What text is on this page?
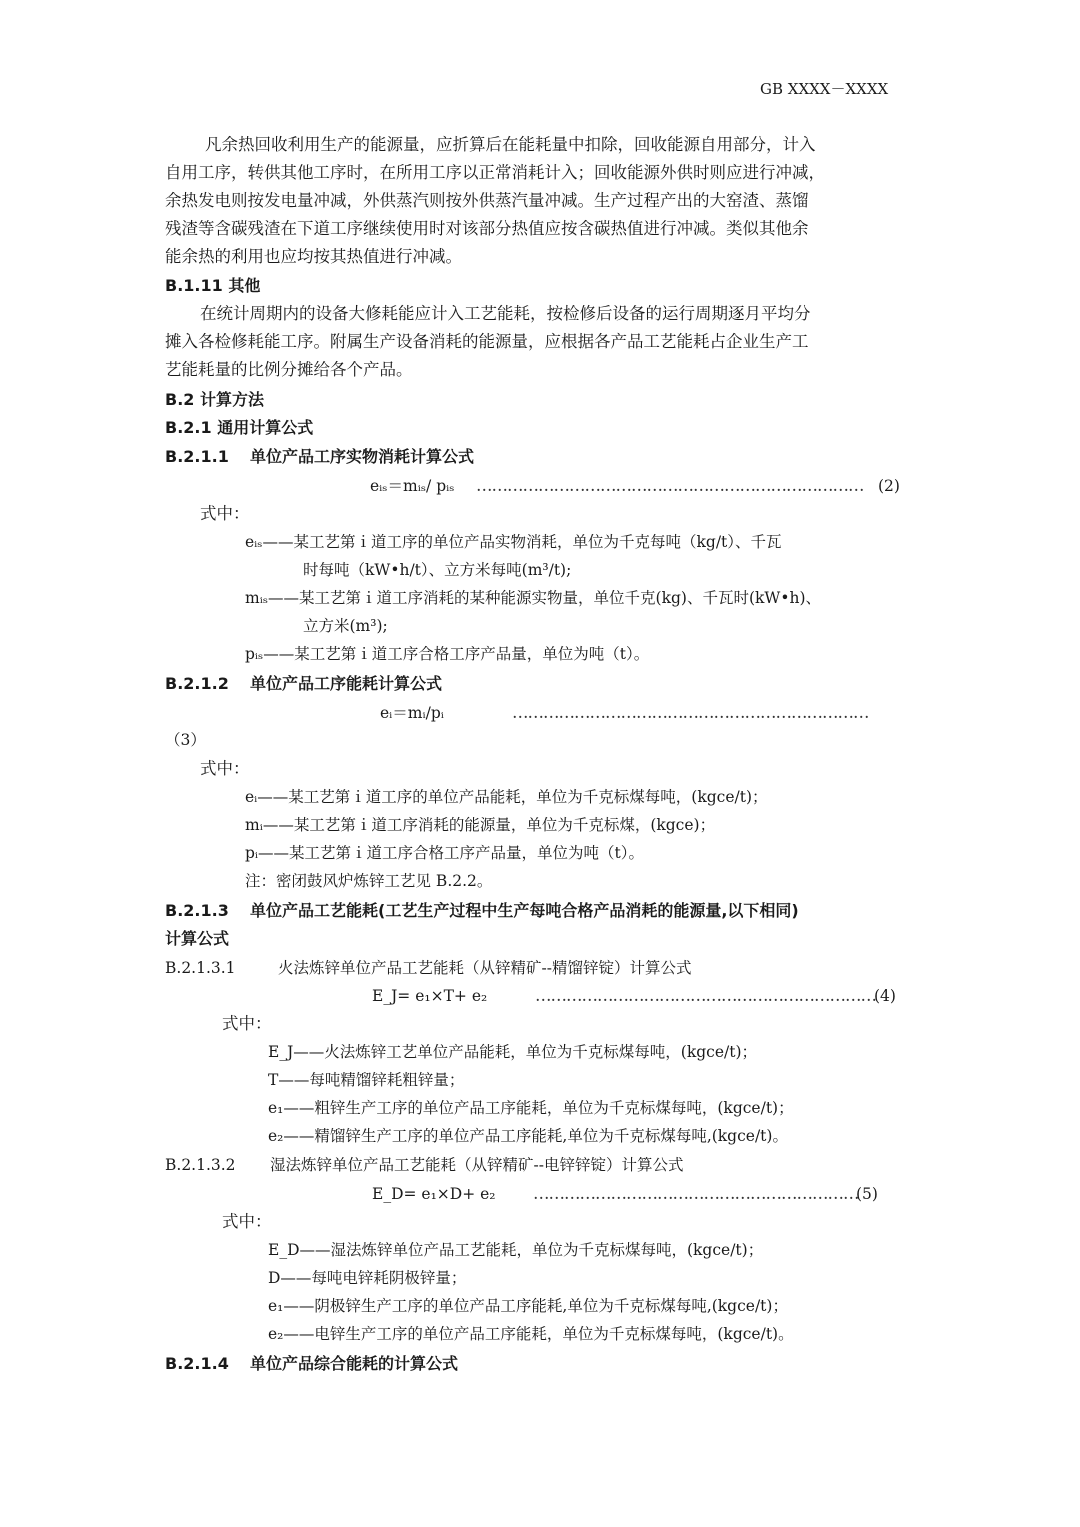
GB XXXX－XXXX
凡余热回收利用生产的能源量，应折算后在能耗量中扣除，回收能源自用部分，计入
自用工序，转供其他工序时，在所用工序以正常消耗计入；回收能源外供时则应进行冲减，
余热发电则按发电量冲减，外供蒸汽则按外供蒸汽量冲减。生产过程产出的大窑渣、蒸馏
残渣等含碳残渣在下道工序继续使用时对该部分热值应按含碳热值进行冲减。类似其他余
能余热的利用也应均按其热值进行冲减。
B.1.11 其他
在统计周期内的设备大修耗能应计入工艺能耗，按检修后设备的运行周期逐月平均分
摊入各检修耗能工序。附属生产设备消耗的能源量，应根据各产品工艺能耗占企业生产工
艺能耗量的比例分摊给各个产品。
B.2 计算方法
B.2.1 通用计算公式
B.2.1.1 单位产品工序实物消耗计算公式
eᵢₛ＝mᵢₛ/ pᵢₛ ………………………………………………………………… (2)
式中：
eᵢₛ——某工艺第ｉ道工序的单位产品实物消耗，单位为千克每吨（kg/t）、千瓦
时每吨（kW•h/t）、立方米每吨(m³/t);
mᵢₛ——某工艺第ｉ道工序消耗的某种能源实物量，单位千克(kg)、千瓦时(kW•h)、
立方米(m³);
pᵢₛ——某工艺第ｉ道工序合格工序产品量，单位为吨（t）。
B.2.1.2 单位产品工序能耗计算公式
eᵢ＝mᵢ/pᵢ	……………………………………………………………
（3）
式中：
eᵢ——某工艺第ｉ道工序的单位产品能耗，单位为千克标煤每吨，(kgce/t)；
mᵢ——某工艺第ｉ道工序消耗的能源量，单位为千克标煤，(kgce)；
pᵢ——某工艺第ｉ道工序合格工序产品量，单位为吨（t）。
注：密闭鼓风炉炼锌工艺见 B.2.2。
B.2.1.3 单位产品工艺能耗(工艺生产过程中生产每吨合格产品消耗的能源量,以下相同)
计算公式
B.2.1.3.1	火法炼锌单位产品工艺能耗（从锌精矿--精馏锌锭）计算公式
E_J= e₁×T+ e₂	…………………………………………………………
(4)
式中：
E_J——火法炼锌工艺单位产品能耗，单位为千克标煤每吨，(kgce/t)；
T——每吨精馏锌耗粗锌量；
e₁——粗锌生产工序的单位产品工序能耗，单位为千克标煤每吨，(kgce/t)；
e₂——精馏锌生产工序的单位产品工序能耗,单位为千克标煤每吨,(kgce/t)。
B.2.1.3.2 湿法炼锌单位产品工艺能耗（从锌精矿--电锌锌锭）计算公式
E_D= e₁×D+ e₂ ………………………………………………………
(5)
式中：
E_D——湿法炼锌单位产品工艺能耗，单位为千克标煤每吨，(kgce/t)；
D——每吨电锌耗阴极锌量；
e₁——阴极锌生产工序的单位产品工序能耗,单位为千克标煤每吨,(kgce/t)；
e₂——电锌生产工序的单位产品工序能耗，单位为千克标煤每吨，(kgce/t)。
B.2.1.4 单位产品综合能耗的计算公式
